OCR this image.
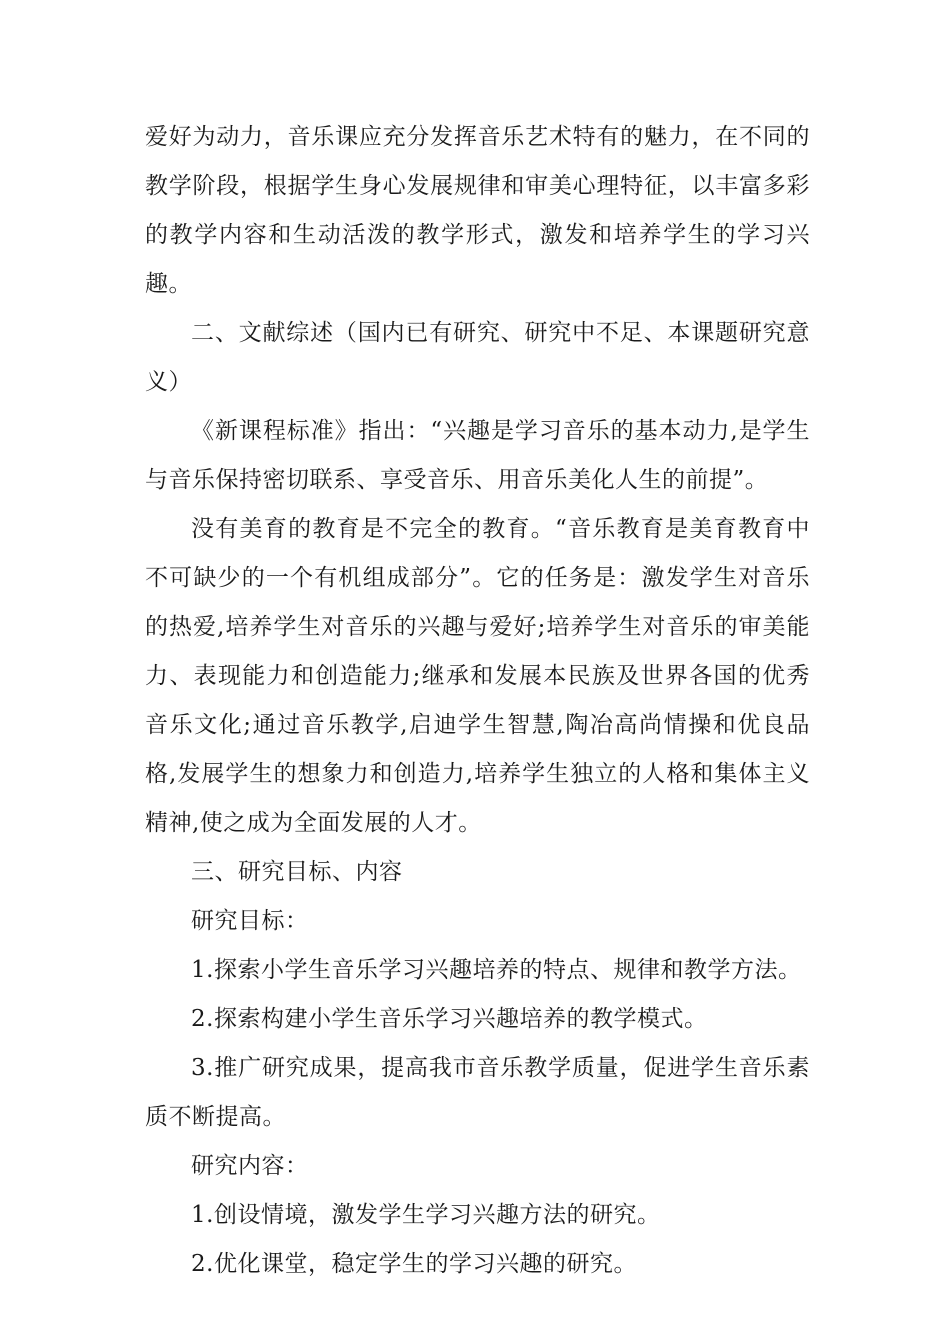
爱好为动力，音乐课应充分发挥音乐艺术特有的魅力，在不同的教学阶段，根据学生身心发展规律和审美心理特征，以丰富多彩的教学内容和生动活泼的教学形式，激发和培养学生的学习兴趣。

二、文献综述（国内已有研究、研究中不足、本课题研究意义）

《新课程标准》指出：“兴趣是学习音乐的基本动力,是学生与音乐保持密切联系、享受音乐、用音乐美化人生的前提”。

没有美育的教育是不完全的教育。“音乐教育是美育教育中不可缺少的一个有机组成部分”。它的任务是：激发学生对音乐的热爱,培养学生对音乐的兴趣与爱好;培养学生对音乐的审美能力、表现能力和创造能力;继承和发展本民族及世界各国的优秀音乐文化;通过音乐教学,启迪学生智慧,陶冶高尚情操和优良品格,发展学生的想象力和创造力,培养学生独立的人格和集体主义精神,使之成为全面发展的人才。

三、研究目标、内容

研究目标：

1.探索小学生音乐学习兴趣培养的特点、规律和教学方法。

2.探索构建小学生音乐学习兴趣培养的教学模式。

3.推广研究成果，提高我市音乐教学质量，促进学生音乐素质不断提高。

研究内容：

1.创设情境，激发学生学习兴趣方法的研究。

2.优化课堂，稳定学生的学习兴趣的研究。
